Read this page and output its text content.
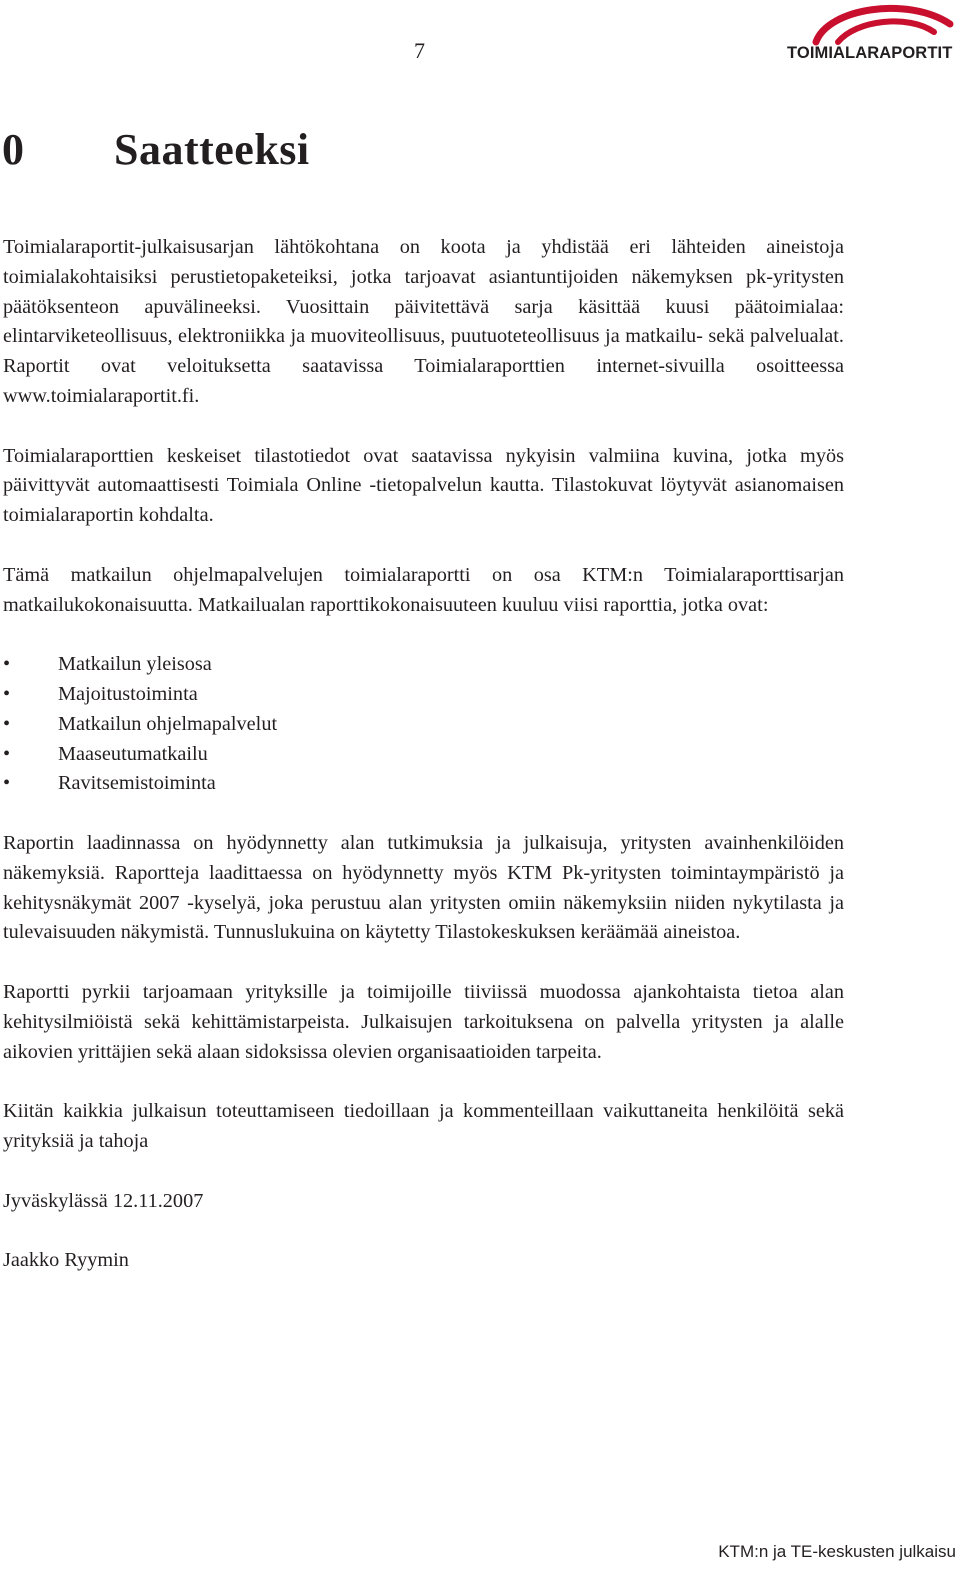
7	TOIMIALARAPORTIT
0 Saatteeksi

Toimialaraportit-julkaisusarjan lähtökohtana on koota ja yhdistää eri lähteiden aineistoja toimialakohtaisiksi perustietopaketeiksi, jotka tarjoavat asiantuntijoiden näkemyksen pk-yritysten päätöksenteon apuvälineeksi. Vuosittain päivitettävä sarja käsittää kuusi päätoimialaa: elintarviketeollisuus, elektroniikka ja muoviteollisuus, puutuoteteollisuus ja matkailu- sekä palvelualat. Raportit ovat veloituksetta saatavissa Toimialaraporttien internet-sivuilla osoitteessa www.toimialaraportit.fi.

Toimialaraporttien keskeiset tilastotiedot ovat saatavissa nykyisin valmiina kuvina, jotka myös päivittyvät automaattisesti Toimiala Online -tietopalvelun kautta. Tilastokuvat löytyvät asianomaisen toimialaraportin kohdalta.

Tämä matkailun ohjelmapalvelujen toimialaraportti on osa KTM:n Toimialaraporttisarjan matkailukokonaisuutta. Matkailualan raporttikokonaisuuteen kuuluu viisi raporttia, jotka ovat:

• Matkailun yleisosa
• Majoitustoiminta
• Matkailun ohjelmapalvelut
• Maaseutumatkailu
• Ravitsemistoiminta

Raportin laadinnassa on hyödynnetty alan tutkimuksia ja julkaisuja, yritysten avainhenkilöiden näkemyksiä. Raportteja laadittaessa on hyödynnetty myös KTM Pk-yritysten toimintaympäristö ja kehitysnäkymät 2007 -kyselyä, joka perustuu alan yritysten omiin näkemyksiin niiden nykytilasta ja tulevaisuuden näkymistä. Tunnuslukuina on käytetty Tilastokeskuksen keräämää aineistoa.

Raportti pyrkii tarjoamaan yrityksille ja toimijoille tiiviissä muodossa ajankohtaista tietoa alan kehitysilmiöistä sekä kehittämistarpeista. Julkaisujen tarkoituksena on palvella yritysten ja alalle aikovien yrittäjien sekä alaan sidoksissa olevien organisaatioiden tarpeita.

Kiitän kaikkia julkaisun toteuttamiseen tiedoillaan ja kommenteillaan vaikuttaneita henkilöitä sekä yrityksiä ja tahoja

Jyväskylässä 12.11.2007

Jaakko Ryymin

KTM:n ja TE-keskusten julkaisu
